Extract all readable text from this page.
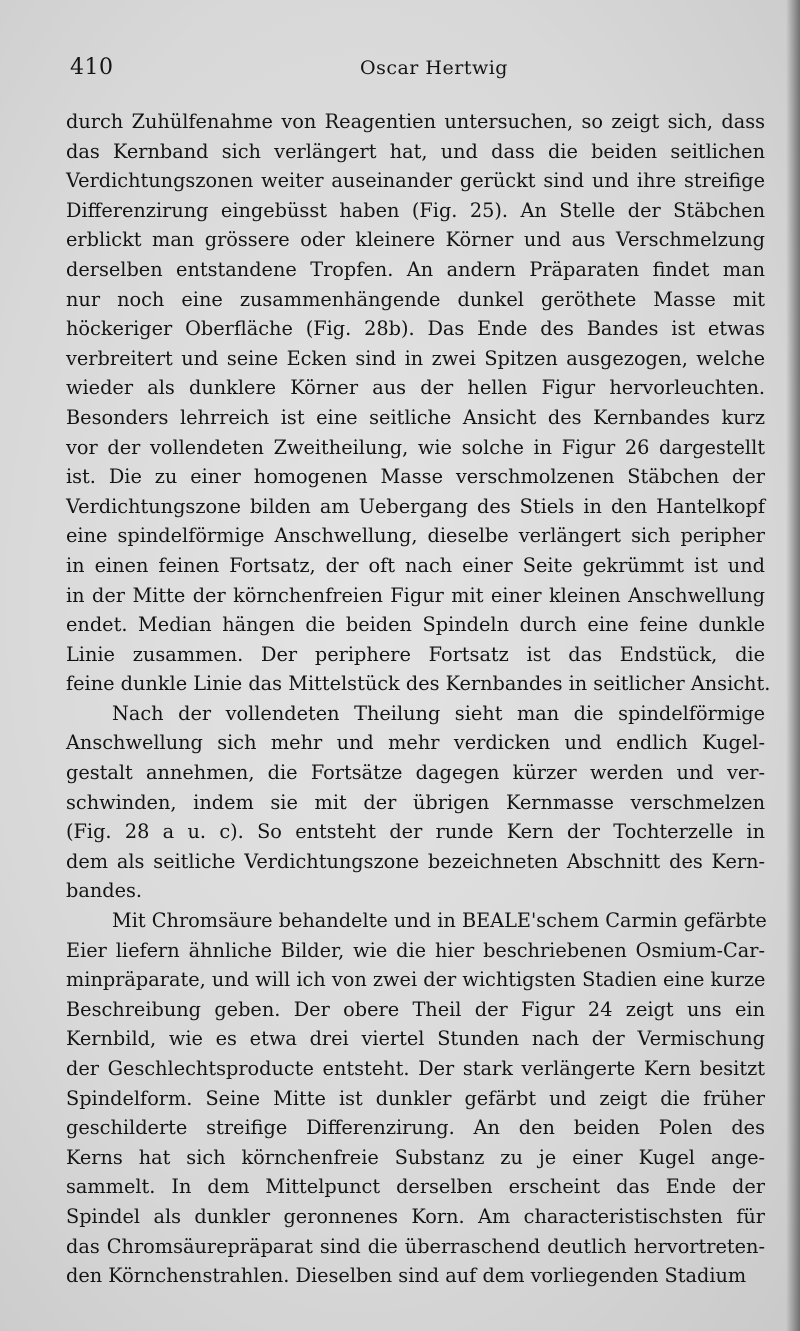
410	Oscar Hertwig
durch Zuhülfenahme von Reagentien untersuchen, so zeigt sich, dass
das Kernband sich verlängert hat, und dass die beiden seitlichen
Verdichtungszonen weiter auseinander gerückt sind und ihre streifige
Differenzirung eingebüsst haben (Fig. 25). An Stelle der Stäbchen
erblickt man grössere oder kleinere Körner und aus Verschmelzung
derselben entstandene Tropfen. An andern Präparaten findet man
nur noch eine zusammenhängende dunkel geröthete Masse mit
höckeriger Oberfläche (Fig. 28b). Das Ende des Bandes ist etwas
verbreitert und seine Ecken sind in zwei Spitzen ausgezogen, welche
wieder als dunklere Körner aus der hellen Figur hervorleuchten.
Besonders lehrreich ist eine seitliche Ansicht des Kernbandes kurz
vor der vollendeten Zweitheilung, wie solche in Figur 26 dargestellt
ist. Die zu einer homogenen Masse verschmolzenen Stäbchen der
Verdichtungszone bilden am Uebergang des Stiels in den Hantelkopf
eine spindelförmige Anschwellung, dieselbe verlängert sich peripher
in einen feinen Fortsatz, der oft nach einer Seite gekrümmt ist und
in der Mitte der körnchenfreien Figur mit einer kleinen Anschwellung
endet. Median hängen die beiden Spindeln durch eine feine dunkle
Linie zusammen. Der periphere Fortsatz ist das Endstück, die
feine dunkle Linie das Mittelstück des Kernbandes in seitlicher Ansicht.
Nach der vollendeten Theilung sieht man die spindelförmige
Anschwellung sich mehr und mehr verdicken und endlich Kugel-
gestalt annehmen, die Fortsätze dagegen kürzer werden und ver-
schwinden, indem sie mit der übrigen Kernmasse verschmelzen
(Fig. 28 a u. c). So entsteht der runde Kern der Tochterzelle in
dem als seitliche Verdichtungszone bezeichneten Abschnitt des Kern-
bandes.
Mit Chromsäure behandelte und in BEALE'schem Carmin gefärbte
Eier liefern ähnliche Bilder, wie die hier beschriebenen Osmium-Car-
minpräparate, und will ich von zwei der wichtigsten Stadien eine kurze
Beschreibung geben. Der obere Theil der Figur 24 zeigt uns ein
Kernbild, wie es etwa drei viertel Stunden nach der Vermischung
der Geschlechtsproducte entsteht. Der stark verlängerte Kern besitzt
Spindelform. Seine Mitte ist dunkler gefärbt und zeigt die früher
geschilderte streifige Differenzirung. An den beiden Polen des
Kerns hat sich körnchenfreie Substanz zu je einer Kugel ange-
sammelt. In dem Mittelpunct derselben erscheint das Ende der
Spindel als dunkler geronnenes Korn. Am characteristischsten für
das Chromsäurepräparat sind die überraschend deutlich hervortreten-
den Körnchenstrahlen. Dieselben sind auf dem vorliegenden Stadium
